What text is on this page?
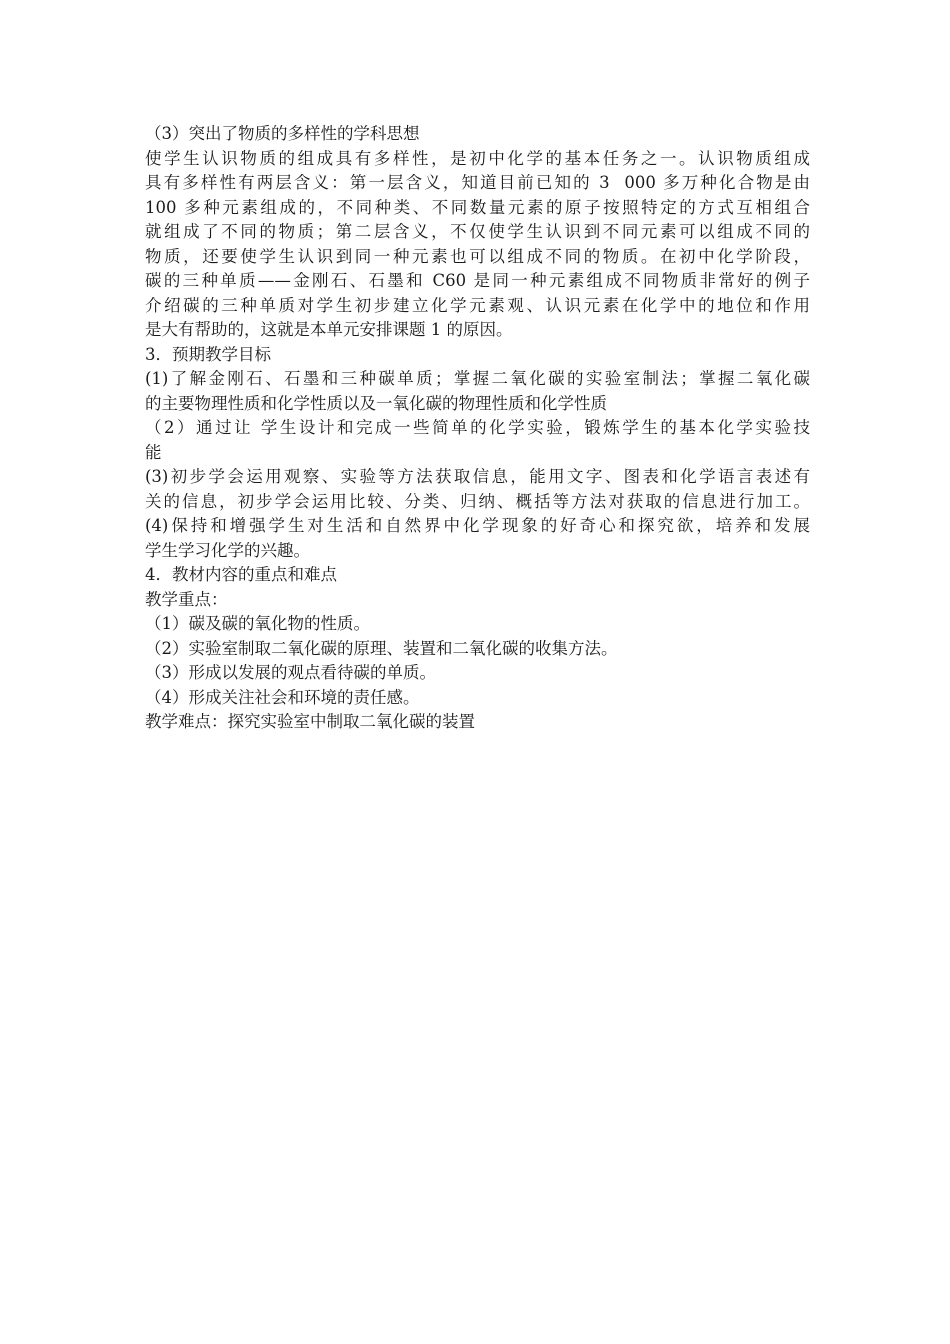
（3）突出了物质的多样性的学科思想
使学生认识物质的组成具有多样性，是初中化学的基本任务之一。认识物质组成
具有多样性有两层含义：第一层含义，知道目前已知的 3  000 多万种化合物是由
100 多种元素组成的，不同种类、不同数量元素的原子按照特定的方式互相组合
就组成了不同的物质；第二层含义，不仅使学生认识到不同元素可以组成不同的
物质，还要使学生认识到同一种元素也可以组成不同的物质。在初中化学阶段，
碳的三种单质——金刚石、石墨和 C60 是同一种元素组成不同物质非常好的例子
介绍碳的三种单质对学生初步建立化学元素观、认识元素在化学中的地位和作用
是大有帮助的，这就是本单元安排课题 1 的原因。
3．预期教学目标
(1)了解金刚石、石墨和三种碳单质；掌握二氧化碳的实验室制法；掌握二氧化碳
的主要物理性质和化学性质以及一氧化碳的物理性质和化学性质
（2）通过让 学生设计和完成一些简单的化学实验，锻炼学生的基本化学实验技
能
(3)初步学会运用观察、实验等方法获取信息，能用文字、图表和化学语言表述有
关的信息，初步学会运用比较、分类、归纳、概括等方法对获取的信息进行加工。
(4)保持和增强学生对生活和自然界中化学现象的好奇心和探究欲，培养和发展
学生学习化学的兴趣。
4．教材内容的重点和难点
教学重点：
（1）碳及碳的氧化物的性质。
（2）实验室制取二氧化碳的原理、装置和二氧化碳的收集方法。
（3）形成以发展的观点看待碳的单质。
（4）形成关注社会和环境的责任感。
教学难点：探究实验室中制取二氧化碳的装置
